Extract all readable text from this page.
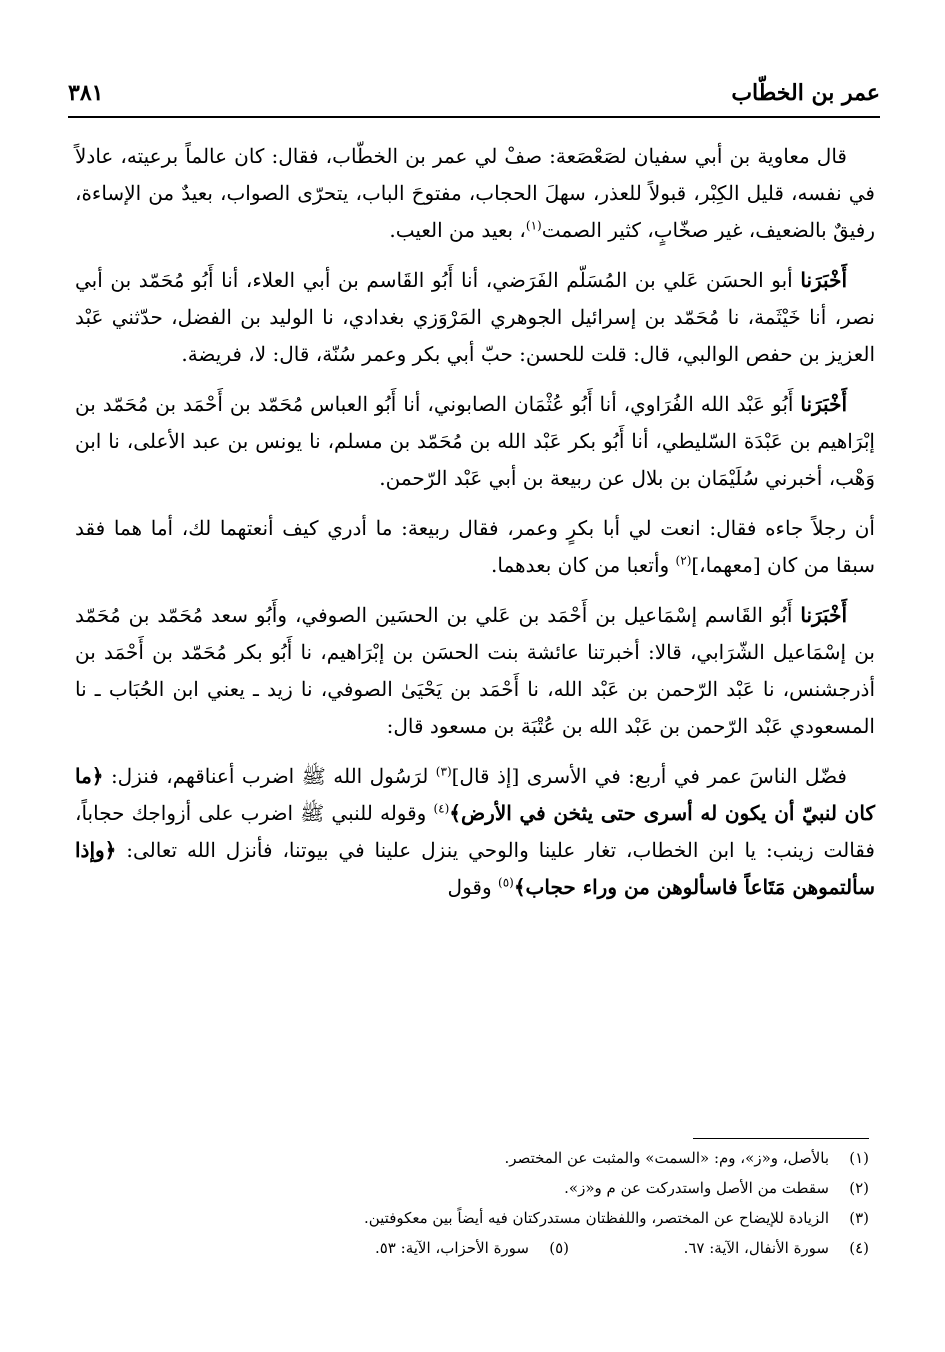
عمر بن الخطّاب
٣٨١

قال معاوية بن أبي سفيان لصَعْصَعة: صفْ لي عمر بن الخطّاب، فقال: كان عالماً برعيته، عادلاً في نفسه، قليل الكِبْر، قبولاً للعذر، سهلَ الحجاب، مفتوحَ الباب، يتحرّى الصواب، بعيدٌ من الإساءة، رفيقٌ بالضعيف، غير صخّابٍ، كثير الصمت$^{(١)}$، بعيد من العيب.

أَخْبَرَنا أبو الحسَن عَلي بن المُسَلّم الفَرَضي، أنا أَبُو القَاسم بن أبي العلاء، أنا أَبُو مُحَمّد بن أبي نصر، أنا خَيْثَمة، نا مُحَمّد بن إسرائيل الجوهري المَرْوَزي بغدادي، نا الوليد بن الفضل، حدّثني عَبْد العزيز بن حفص الوالبي، قال: قلت للحسن: حبّ أبي بكر وعمر سُنّة، قال: لا، فريضة.

أَخْبَرَنا أَبُو عَبْد الله الفُرَاوي، أنا أَبُو عُثْمَان الصابوني، أنا أَبُو العباس مُحَمّد بن أَحْمَد بن مُحَمّد بن إبْرَاهيم بن عَبْدَة السّليطي، أنا أَبُو بكر عَبْد الله بن مُحَمّد بن مسلم، نا يونس بن عبد الأعلى، نا ابن وَهْب، أخبرني سُلَيْمَان بن بلال عن ربيعة بن أبي عَبْد الرّحمن.

أن رجلاً جاءه فقال: انعت لي أبا بكرٍ وعمر، فقال ربيعة: ما أدري كيف أنعتهما لك، أما هما فقد سبقا من كان [معهما،]$^{(٢)}$ وأتعبا من كان بعدهما.

أَخْبَرَنا أَبُو القَاسم إسْمَاعيل بن أَحْمَد بن عَلي بن الحسَين الصوفي، وأَبُو سعد مُحَمّد بن مُحَمّد بن إسْمَاعيل الشّرَابي، قالا: أخبرتنا عائشة بنت الحسَن بن إبْرَاهيم، نا أَبُو بكر مُحَمّد بن أَحْمَد بن أذرجشنس، نا عَبْد الرّحمن بن عَبْد الله، نا أَحْمَد بن يَحْيَىٰ الصوفي، نا زيد ـ يعني ابن الحُبَاب ـ نا المسعودي عَبْد الرّحمن بن عَبْد الله بن عُتْبَة بن مسعود قال:

فضّل الناسَ عمر في أربع: في الأسرى [إذ قال]$^{(٣)}$ لرَسُول الله ﷺ اضرب أعناقهم، فنزل: ﴿ما كان لنبيّ أن يكون له أسرى حتى يثخن في الأرض﴾$^{(٤)}$ وقوله للنبي ﷺ اضرب على أزواجك حجاباً، فقالت زينب: يا ابن الخطاب، تغار علينا والوحي ينزل علينا في بيوتنا، فأنزل الله تعالى: ﴿وإذا سألتموهن مَتَاعاً فاسألوهن من وراء حجاب﴾$^{(٥)}$ وقول

(١)
بالأصل، و«ز»، وم: «السمت» والمثبت عن المختصر.
(٢)
سقطت من الأصل واستدركت عن م و«ز».
(٣)
الزيادة للإيضاح عن المختصر، واللفظتان مستدركتان فيه أيضاً بين معكوفتين.
(٤)
سورة الأنفال، الآية: ٦٧.
(٥)
سورة الأحزاب، الآية: ٥٣.
